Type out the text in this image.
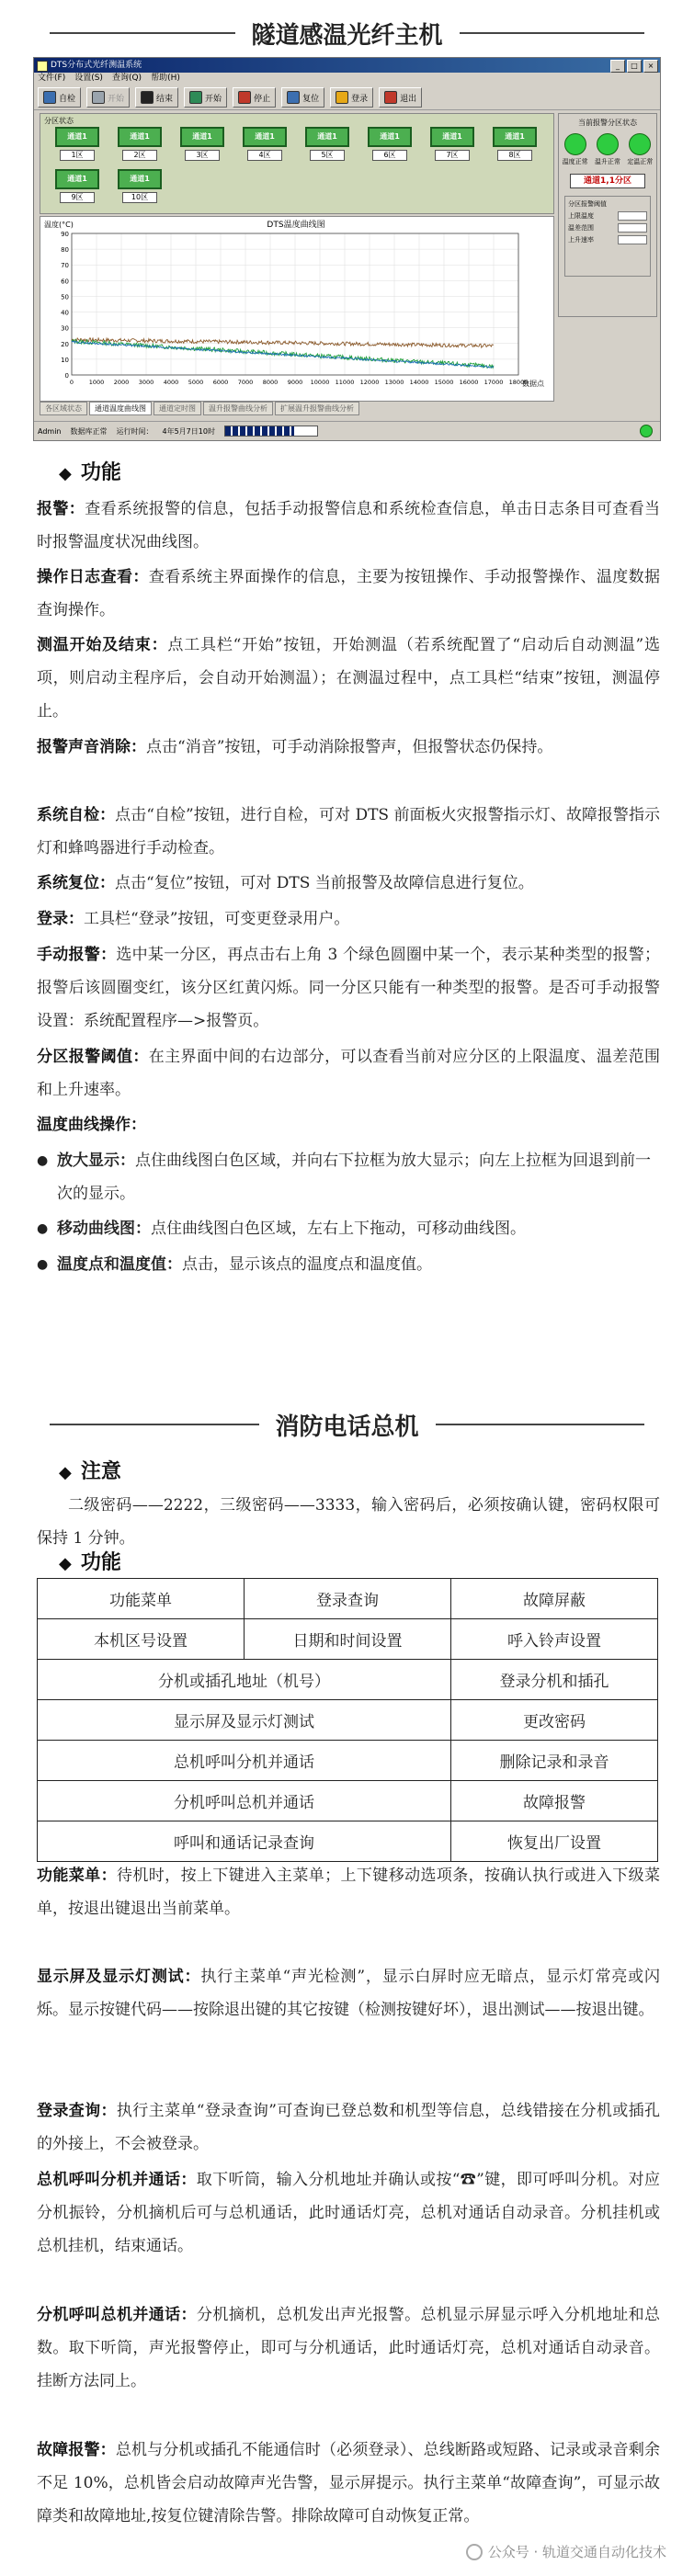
隧道感温光纤主机
DTS分布式光纤测温系统	_	□	×
文件(F) 设置(S) 查询(Q) 帮助(H)
自检	开始	结束	开始	停止	复位	登录	退出
分区状态
通道1
1区
通道1
2区
通道1
3区
通道1
4区
通道1
5区
通道1
6区
通道1
7区
通道1
8区
通道1
9区
通道1
10区
当前报警分区状态
温度正常 温升正常 定温正常
通道1,1分区
分区报警阈值
上限温度
温差范围
上升速率
DTS温度曲线图
温度(°C)
数据点
0
10
20
30
40
50
60
70
80
90
0	1000 2000 3000 4000 5000 6000 7000 8000 9000 10000 11000 12000 13000 14000 15000 16000 17000 18000
各区域状态	通道温度曲线图	通道定时图	温升报警曲线分析	扩展温升报警曲线分析
Admin 数据库正常 运行时间： 4年5月7日10时
◆ 功能
报警：查看系统报警的信息，包括手动报警信息和系统检查信息，单击日志条目可查看当时报警温度状况曲线图。
操作日志查看：查看系统主界面操作的信息，主要为按钮操作、手动报警操作、温度数据查询操作。
测温开始及结束：点工具栏“开始”按钮，开始测温（若系统配置了“启动后自动测温”选项，则启动主程序后，会自动开始测温）；在测温过程中，点工具栏“结束”按钮，测温停止。
报警声音消除：点击“消音”按钮，可手动消除报警声，但报警状态仍保持。
系统自检：点击“自检”按钮，进行自检，可对 DTS 前面板火灾报警指示灯、故障报警指示灯和蜂鸣器进行手动检查。
系统复位：点击“复位”按钮，可对 DTS 当前报警及故障信息进行复位。
登录：工具栏“登录”按钮，可变更登录用户。
手动报警：选中某一分区，再点击右上角 3 个绿色圆圈中某一个，表示某种类型的报警；报警后该圆圈变红，该分区红黄闪烁。同一分区只能有一种类型的报警。是否可手动报警设置：系统配置程序—>报警页。
分区报警阈值：在主界面中间的右边部分，可以查看当前对应分区的上限温度、温差范围和上升速率。
温度曲线操作：
● 放大显示：点住曲线图白色区域，并向右下拉框为放大显示；向左上拉框为回退到前一次的显示。
● 移动曲线图：点住曲线图白色区域，左右上下拖动，可移动曲线图。
● 温度点和温度值：点击，显示该点的温度点和温度值。
消防电话总机
◆ 注意
二级密码——2222，三级密码——3333，输入密码后，必须按确认键，密码权限可保持 1 分钟。
◆ 功能
功能菜单	登录查询	故障屏蔽
本机区号设置	日期和时间设置	呼入铃声设置
分机或插孔地址（机号）		登录分机和插孔
显示屏及显示灯测试		更改密码
总机呼叫分机并通话		删除记录和录音
分机呼叫总机并通话		故障报警
呼叫和通话记录查询		恢复出厂设置
功能菜单：待机时，按上下键进入主菜单；上下键移动选项条，按确认执行或进入下级菜单，按退出键退出当前菜单。
显示屏及显示灯测试：执行主菜单“声光检测”，显示白屏时应无暗点，显示灯常亮或闪烁。显示按键代码——按除退出键的其它按键（检测按键好坏），退出测试——按退出键。
登录查询：执行主菜单“登录查询”可查询已登总数和机型等信息，总线错接在分机或插孔的外接上，不会被登录。
总机呼叫分机并通话：取下听筒，输入分机地址并确认或按“☎”键，即可呼叫分机。对应分机振铃，分机摘机后可与总机通话，此时通话灯亮，总机对通话自动录音。分机挂机或总机挂机，结束通话。
分机呼叫总机并通话：分机摘机，总机发出声光报警。总机显示屏显示呼入分机地址和总数。取下听筒，声光报警停止，即可与分机通话，此时通话灯亮，总机对通话自动录音。挂断方法同上。
故障报警：总机与分机或插孔不能通信时（必须登录）、总线断路或短路、记录或录音剩余不足 10%，总机皆会启动故障声光告警，显示屏提示。执行主菜单“故障查询”，可显示故障类和故障地址,按复位键清除告警。排除故障可自动恢复正常。
公众号 · 轨道交通自动化技术
